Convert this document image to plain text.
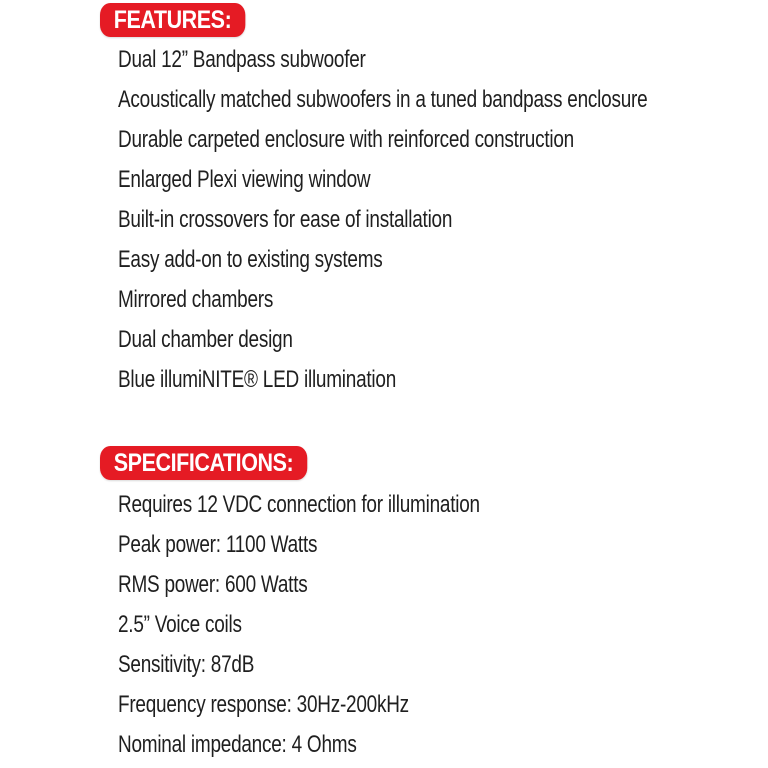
FEATURES:
Dual 12” Bandpass subwoofer
Acoustically matched subwoofers in a tuned bandpass enclosure
Durable carpeted enclosure with reinforced construction
Enlarged Plexi viewing window
Built-in crossovers for ease of installation
Easy add-on to existing systems
Mirrored chambers
Dual chamber design
Blue illumiNITE® LED illumination
SPECIFICATIONS:
Requires 12 VDC connection for illumination
Peak power: 1100 Watts
RMS power: 600 Watts
2.5” Voice coils
Sensitivity: 87dB
Frequency response: 30Hz-200kHz
Nominal impedance: 4 Ohms
